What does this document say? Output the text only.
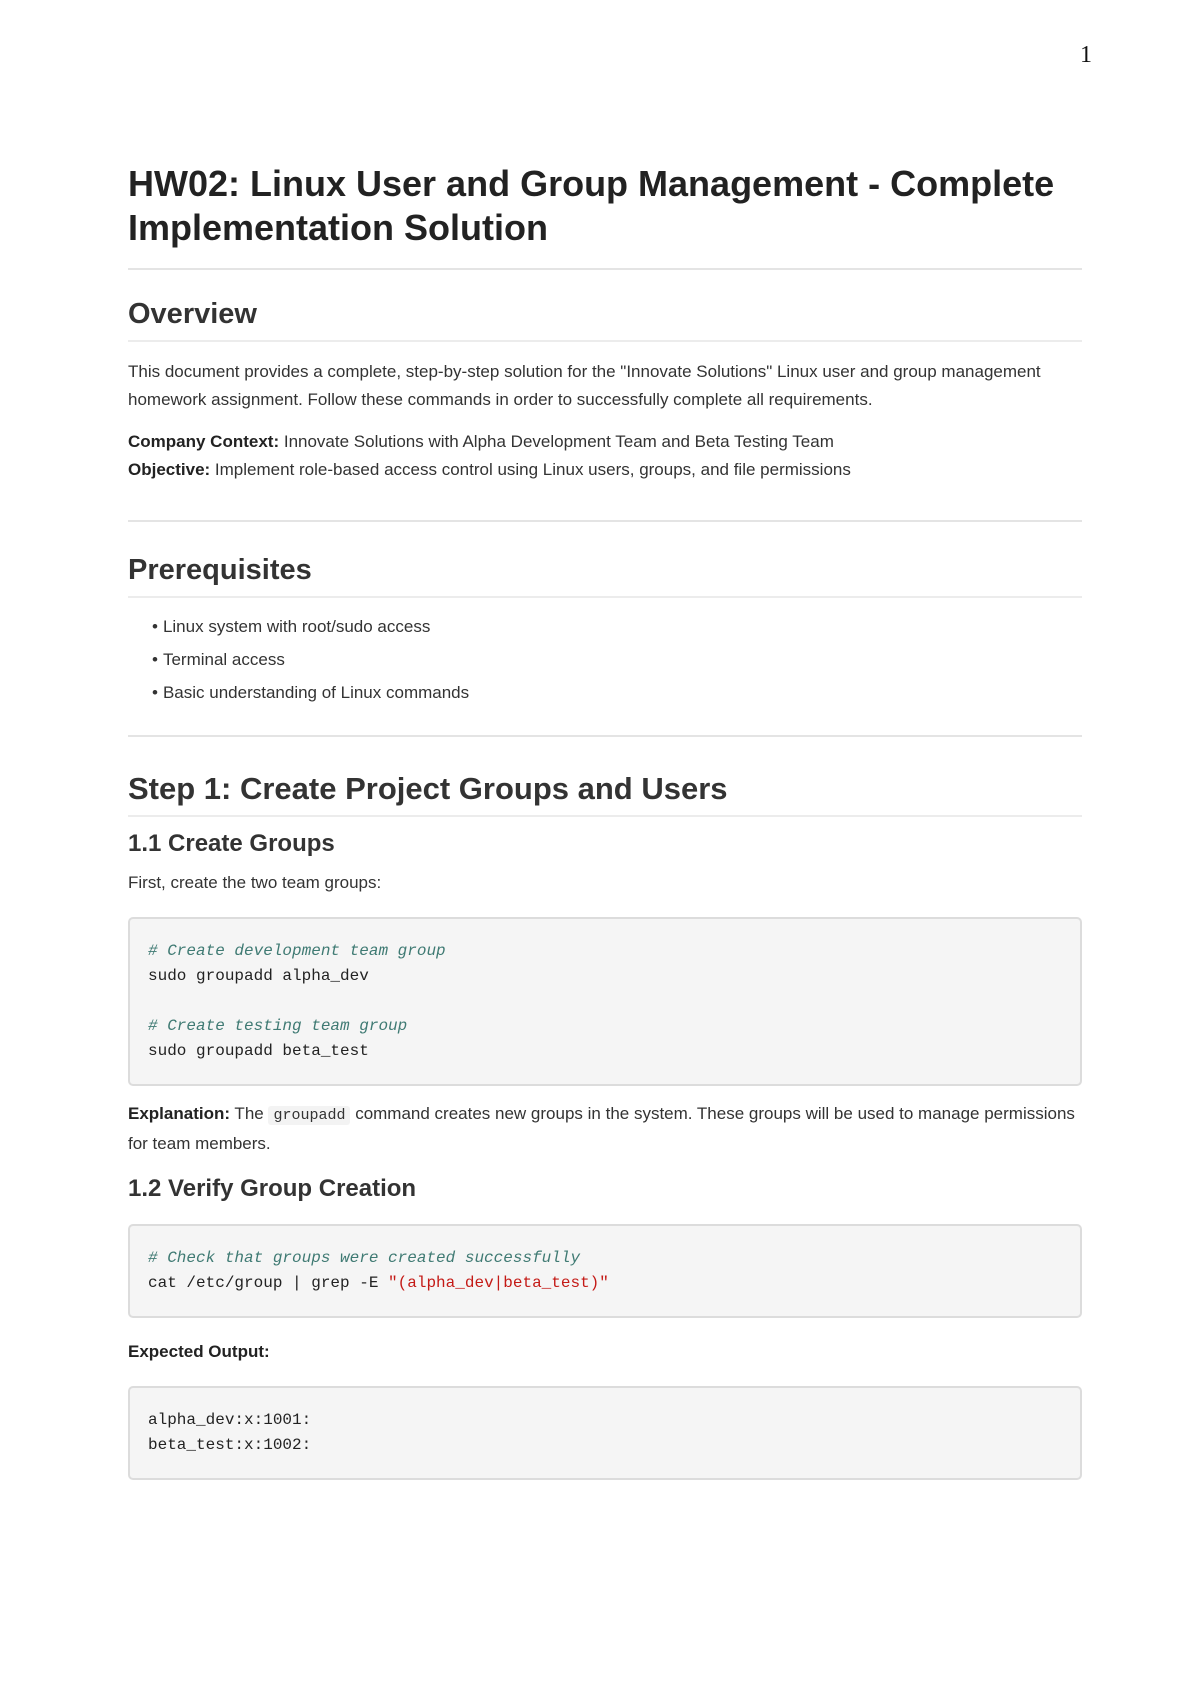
1
HW02: Linux User and Group Management - Complete Implementation Solution
Overview

This document provides a complete, step-by-step solution for the "Innovate Solutions" Linux user and group management homework assignment. Follow these commands in order to successfully complete all requirements.

Company Context: Innovate Solutions with Alpha Development Team and Beta Testing Team

Objective: Implement role-based access control using Linux users, groups, and file permissions

Prerequisites
• Linux system with root/sudo access
• Terminal access
• Basic understanding of Linux commands
Step 1: Create Project Groups and Users
1.1 Create Groups

First, create the two team groups:

# Create development team group
sudo groupadd alpha_dev

# Create testing team group
sudo groupadd beta_test

Explanation: The groupadd command creates new groups in the system. These groups will be used to manage permissions for team members.

1.2 Verify Group Creation
# Check that groups were created successfully
cat /etc/group | grep -E "(alpha_dev|beta_test)"

Expected Output:

alpha_dev:x:1001:
beta_test:x:1002:
